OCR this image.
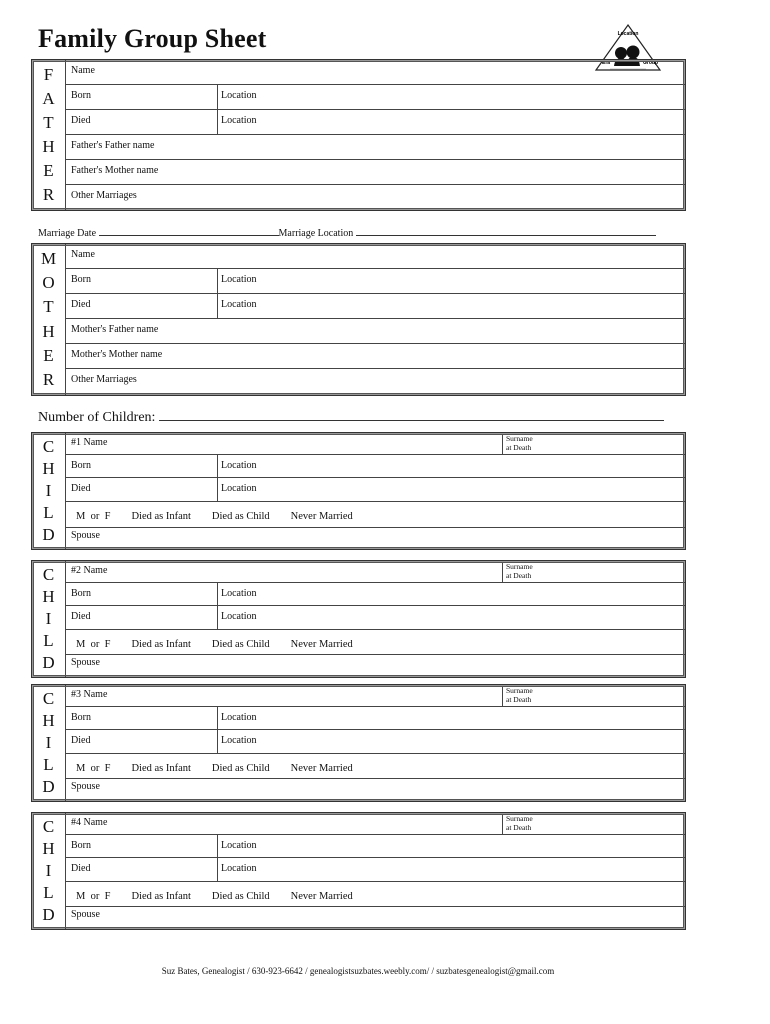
Family Group Sheet	Location
Era	Group
F
A
T
H
E
R
Name
Born	Location
Died	Location
Father's Father name
Father's Mother name
Other Marriages
Marriage Date	Marriage Location
M
O
T
H
E
R
Name
Born	Location
Died	Location
Mother's Father name
Mother's Mother name
Other Marriages
Number of Children:
C
H
I
L
D
#1 Name	Surname
at Death
Born	Location
Died	Location
M or F Died as Infant Died as Child Never Married
Spouse
C
H
I
L
D
#2 Name	Surname
at Death
Born	Location
Died	Location
M or F Died as Infant Died as Child Never Married
Spouse
C
H
I
L
D
#3 Name	Surname
at Death
Born	Location
Died	Location
M or F Died as Infant Died as Child Never Married
Spouse
C
H
I
L
D
#4 Name	Surname
at Death
Born	Location
Died	Location
M or F Died as Infant Died as Child Never Married
Spouse
Suz Bates, Genealogist / 630-923-6642 / genealogistsuzbates.weebly.com/ / suzbatesgenealogist@gmail.com
